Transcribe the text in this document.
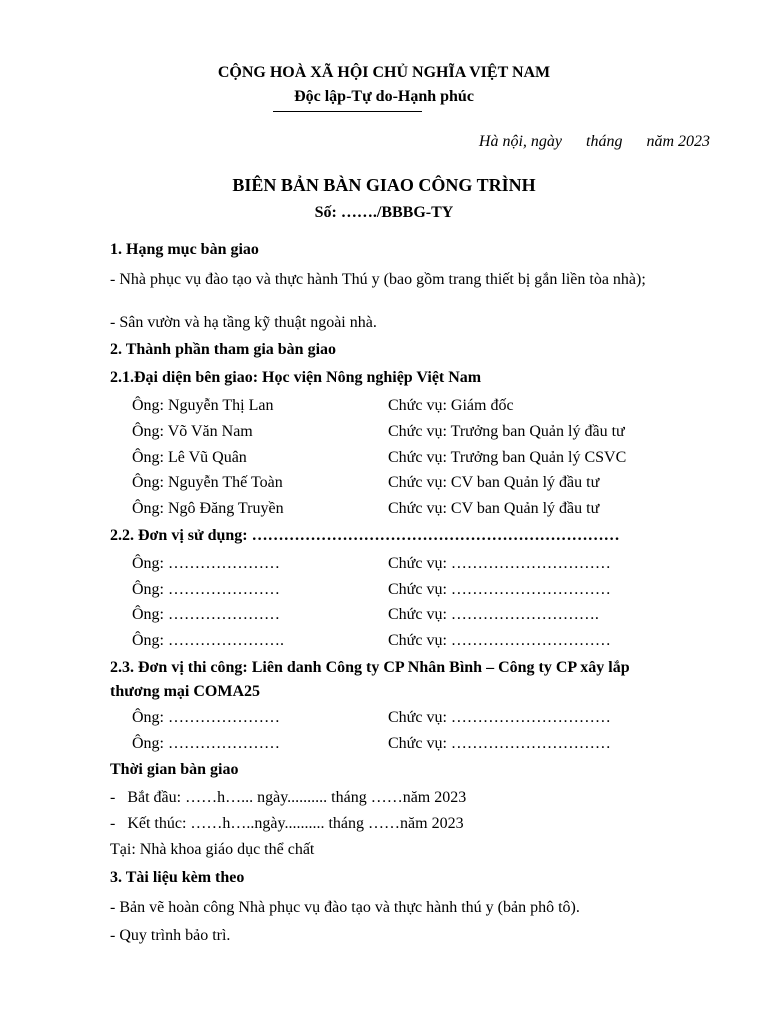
CỘNG HOÀ XÃ HỘI CHỦ NGHĨA VIỆT NAM
Độc lập-Tự do-Hạnh phúc
Hà nội, ngày      tháng      năm 2023
BIÊN BẢN BÀN GIAO CÔNG TRÌNH
Số: ……./BBBG-TY
1. Hạng mục bàn giao
- Nhà phục vụ đào tạo và thực hành Thú y (bao gồm trang thiết bị gắn liền tòa nhà);
- Sân vườn và hạ tầng kỹ thuật ngoài nhà.
2. Thành phần tham gia bàn giao
2.1.Đại diện bên giao: Học viện Nông nghiệp Việt Nam
Ông: Nguyễn Thị Lan	Chức vụ: Giám đốc
Ông: Võ Văn Nam	Chức vụ: Trưởng ban Quản lý đầu tư
Ông: Lê Vũ Quân	Chức vụ: Trưởng ban Quản lý CSVC
Ông: Nguyễn Thế Toàn	Chức vụ: CV ban Quản lý đầu tư
Ông: Ngô Đăng Truyền	Chức vụ: CV ban Quản lý đầu tư
2.2. Đơn vị sử dụng: ……………………………………………………………
Ông: …………………	Chức vụ: …………………………
Ông: …………………	Chức vụ: …………………………
Ông: …………………	Chức vụ: ……………………….
Ông: ………………….	Chức vụ: …………………………
2.3. Đơn vị thi công: Liên danh Công ty CP Nhân Bình – Công ty CP xây lắp
thương mại COMA25
Ông: …………………	Chức vụ: …………………………
Ông: …………………	Chức vụ: …………………………
Thời gian bàn giao
-   Bắt đầu: ……h…... ngày.......... tháng ……năm 2023
-   Kết thúc: ……h…..ngày.......... tháng ……năm 2023
Tại: Nhà khoa giáo dục thể chất
3. Tài liệu kèm theo
- Bản vẽ hoàn công Nhà phục vụ đào tạo và thực hành thú y (bản phô tô).
- Quy trình bảo trì.
